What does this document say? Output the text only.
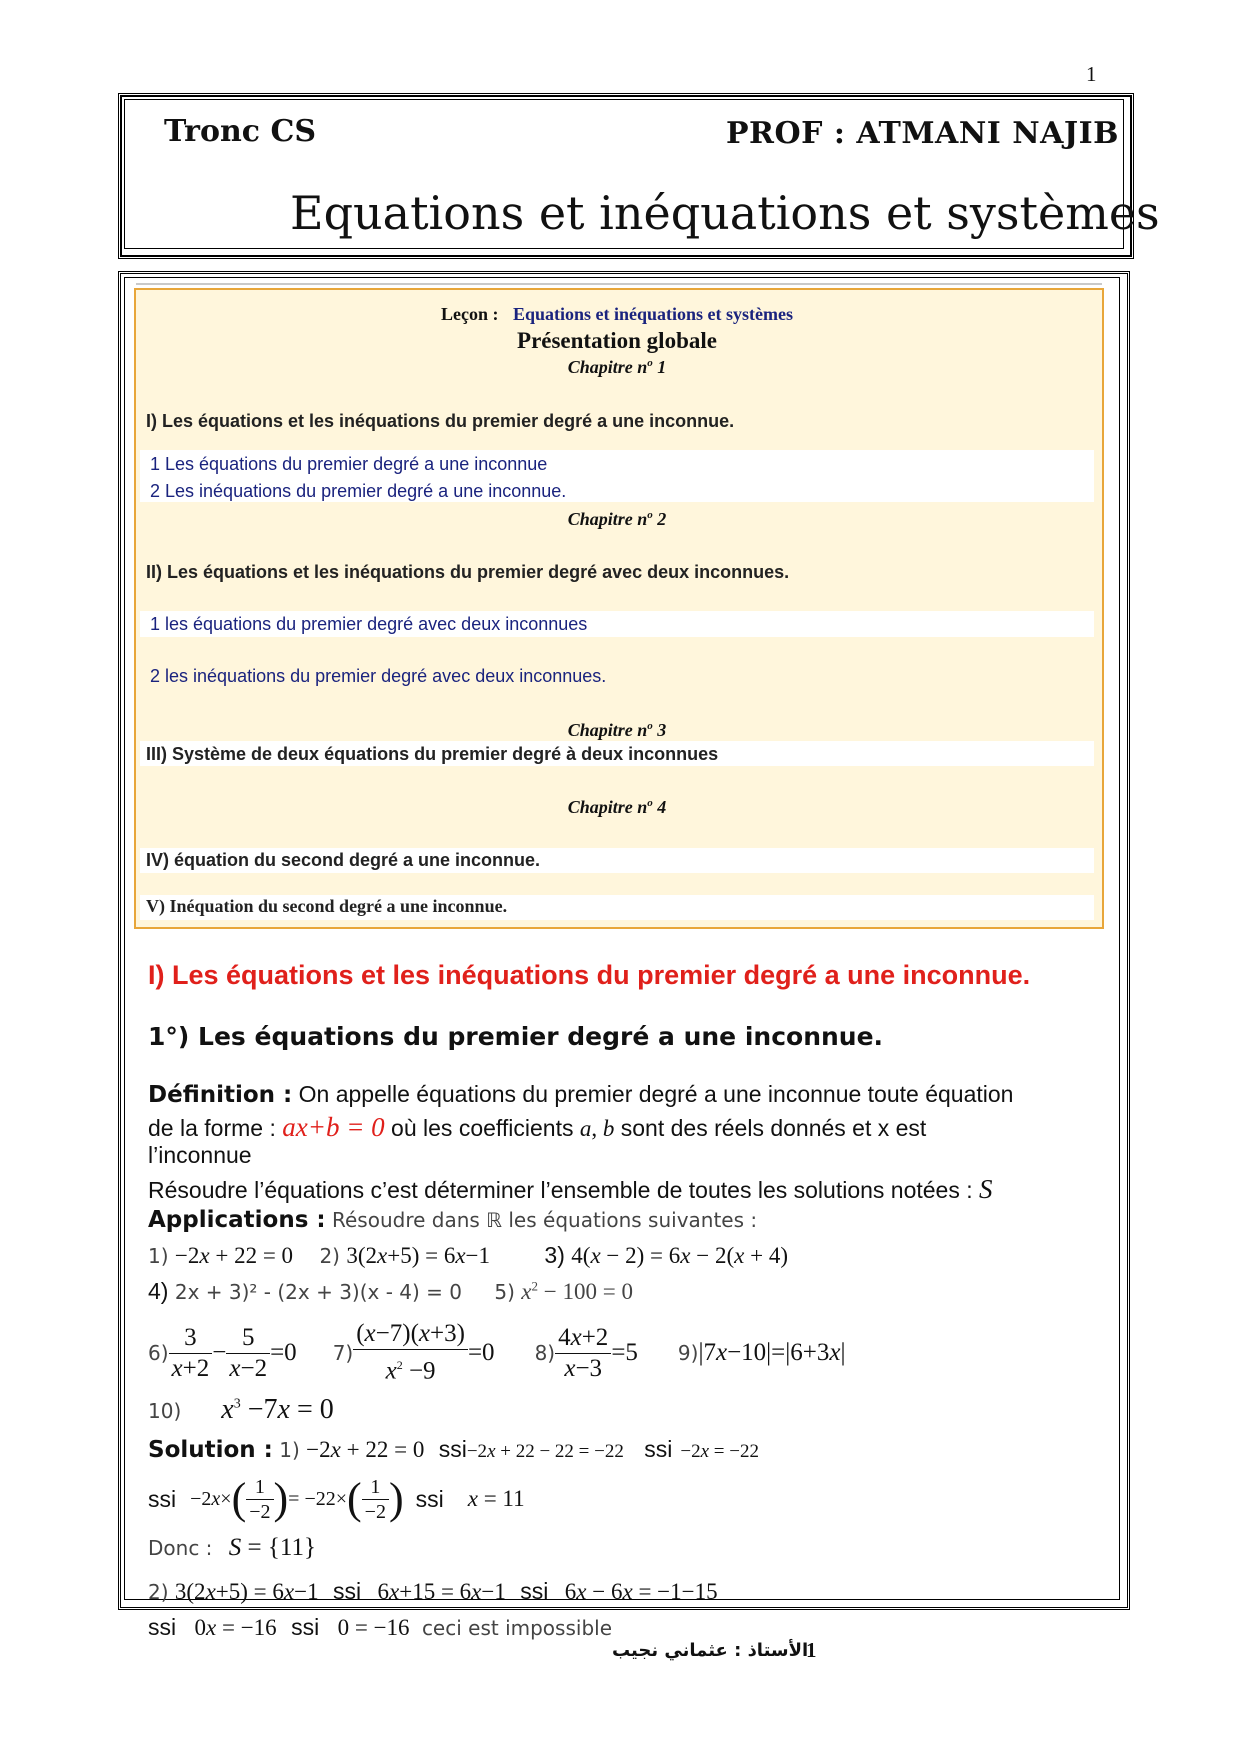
1
Tronc CS	PROF : ATMANI NAJIB
Equations et inéquations et systèmes
Leçon : Equations et inéquations et systèmes
Présentation globale
Chapitre $n^o$ 1
I) Les équations et les inéquations du premier degré a une inconnue.
1 Les équations du premier degré a une inconnue
2 Les inéquations du premier degré a une inconnue.
Chapitre $n^o$ 2
II) Les équations et les inéquations du premier degré avec deux inconnues.
1 les équations du premier degré avec deux inconnues
2 les inéquations du premier degré avec deux inconnues.
Chapitre $n^o$ 3
III) Système de deux équations du premier degré à deux inconnues
Chapitre $n^o$ 4
IV) équation du second degré a une inconnue.
V) Inéquation du second degré a une inconnue.
I) Les équations et les inéquations du premier degré a une inconnue.
1°) Les équations du premier degré a une inconnue.
Définition : On appelle équations du premier degré a une inconnue toute équation
de la forme : ax+b = 0 où les coefficients a, b sont des réels donnés et x est
l’inconnue
Résoudre l’équations c’est déterminer l’ensemble de toutes les solutions notées : S
Applications : Résoudre dans ℝ les équations suivantes :
1) −2x + 22 = 0 2) 3(2x+5) = 6x−1 3) 4(x − 2) = 6x − 2(x + 4)
4) 2x + 3)² - (2x + 3)(x - 4) = 0 5) $x^2 - 100 = 0$
$6) \frac{3}{x+2} - \frac{5}{x-2} =0$ $7) \frac{(x-7)(x+3)}{x^2 -9} =0$ $8) \frac{4x+2}{x-3} =5$ 9) |7x−10|=|6+3x|
10) $x^3 -7x = 0$
Solution : 1) −2x + 22 = 0 ssi−2x + 22 − 22 = −22 ssi −2x = −22
ssi −2x× ( $\frac{1}{-2}$ ) = −22× ( $\frac{1}{-2}$ ) ssi x = 11
Donc : S = {11}
2) 3(2x+5) = 6x−1 ssi 6x+15 = 6x−1 ssi 6x − 6x = −1−15
ssi 0x = −16 ssi 0 = −16 ceci est impossible
الأستاذ : عثماني نجيب
1
